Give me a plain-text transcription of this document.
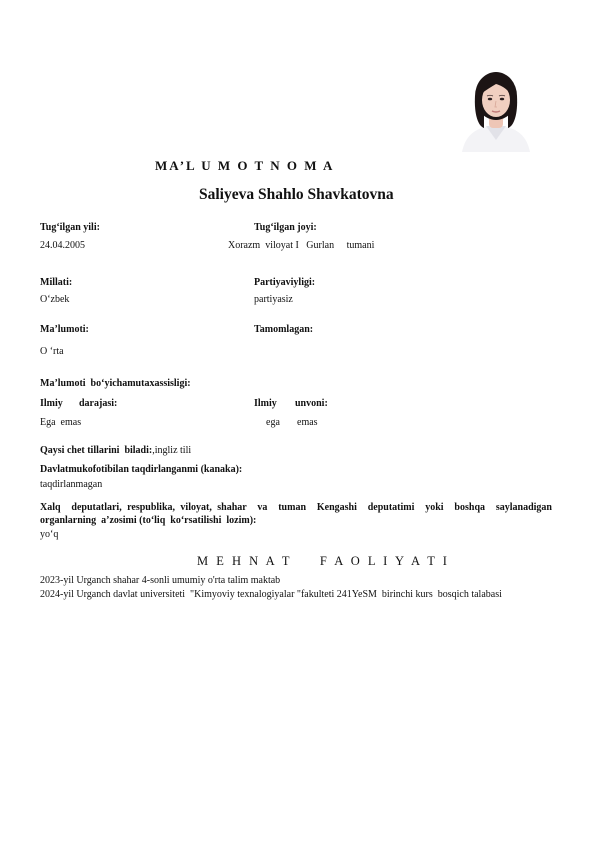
MA’L U M O T N O M A
Saliyeva Shahlo Shavkatovna
Tug‘ilgan yili:
24.04.2005
Tug‘ilgan joyi:
Xorazm  viloyat I   Gurlan     tumani
Millati:
O‘zbek
Partiyaviyligi:
partiyasiz
Ma’lumoti:
O ‘rta
Tamomlagan:
Ma’lumoti  bo‘yichamutaxassisligi:
Ilmiy darajasi:
Ega  emas
Ilmiy unvoni:
ega emas
Qaysi chet tillarini  biladi:,ingliz tili
Davlatmukofotibilan taqdirlanganmi (kanaka):
taqdirlanmagan
Xalq  deputatlari, respublika, viloyat, shahar  va  tuman  Kengashi  deputatimi  yoki  boshqa  saylanadigan
organlarning  a’zosimi (to‘liq  ko‘rsatilishi  lozim):
yo‘q
M E H N A T     F A O L I Y A T I
2023-yil Urganch shahar 4-sonli umumiy o'rta talim maktab
2024-yil Urganch davlat universiteti  "Kimyoviy texnalogiyalar "fakulteti 241YeSM  birinchi kurs  bosqich talabasi
